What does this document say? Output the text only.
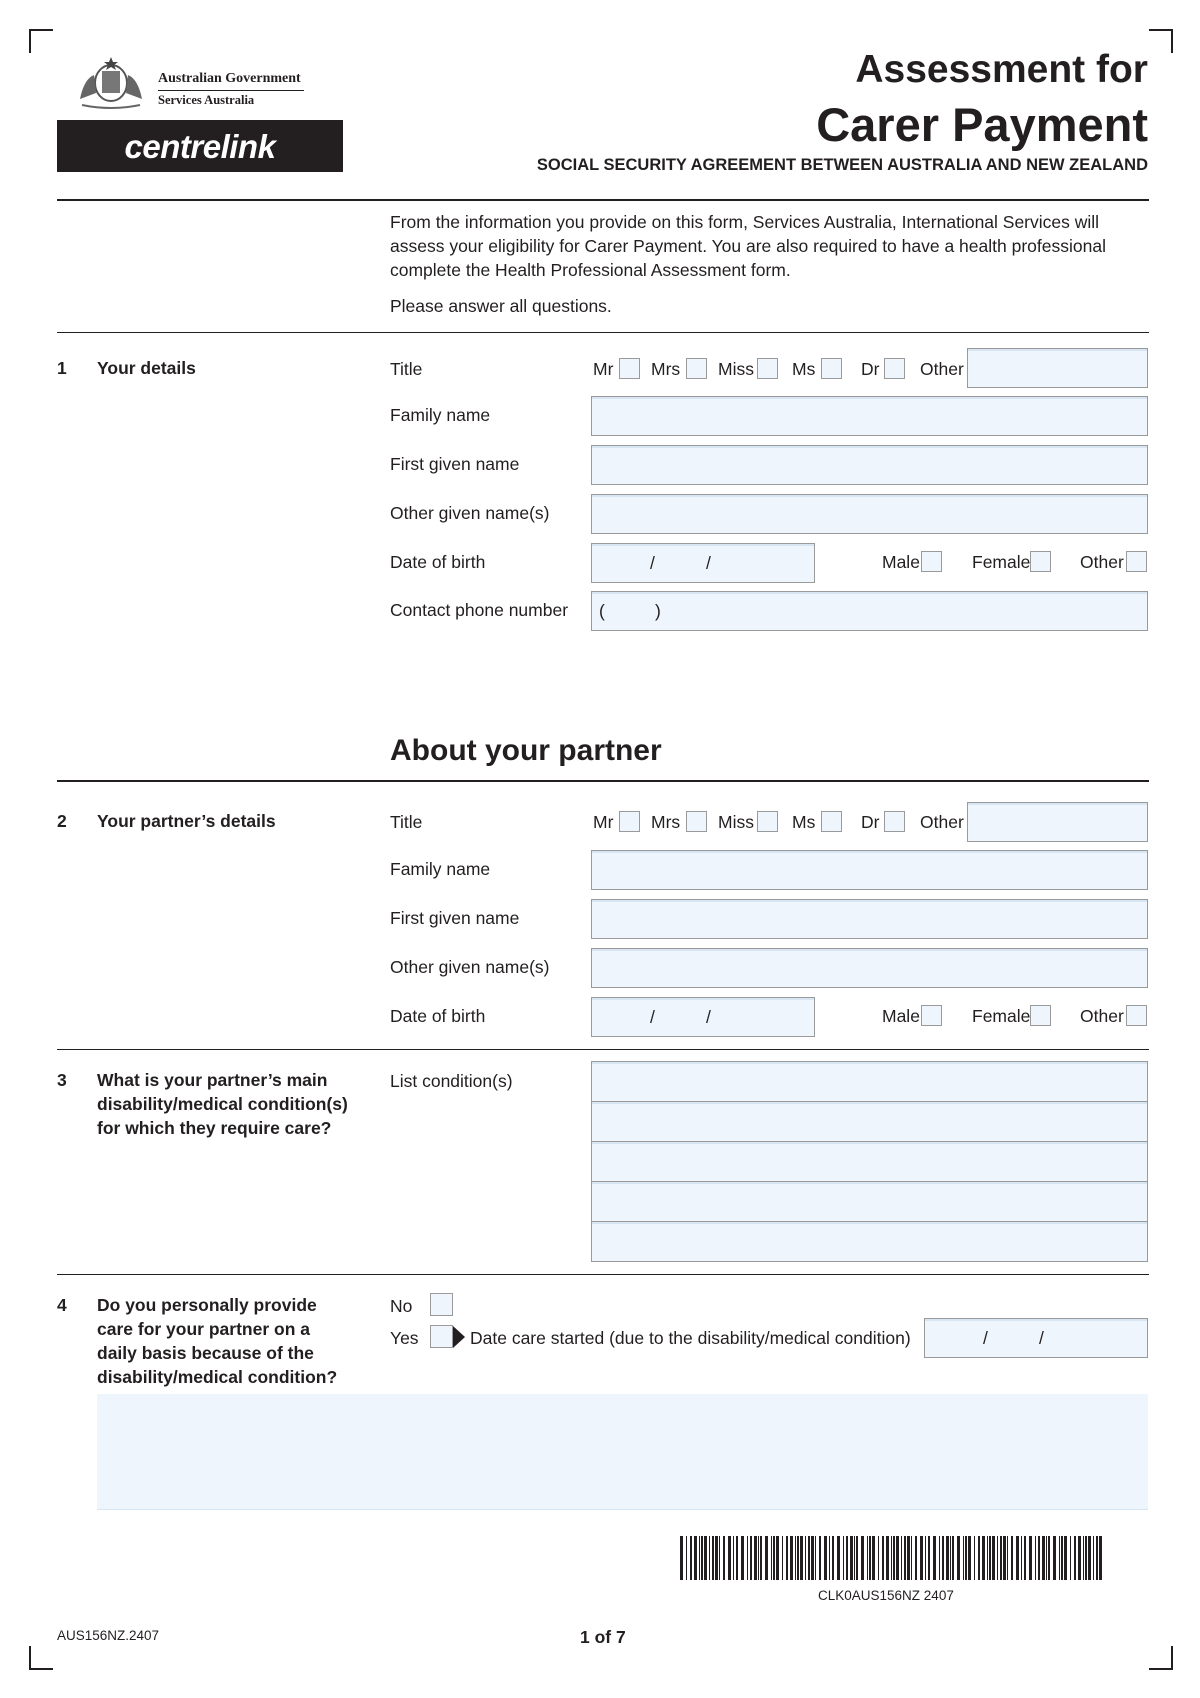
Australian Government
Services Australia
centrelink
Assessment for
Carer Payment
SOCIAL SECURITY AGREEMENT BETWEEN AUSTRALIA AND NEW ZEALAND
From the information you provide on this form, Services Australia, International Services will assess your eligibility for Carer Payment. You are also required to have a health professional complete the Health Professional Assessment form.
Please answer all questions.
1 Your details	Title	Mr Mrs Miss Ms	Dr Other
Family name
First given name
Other given name(s)
Date of birth	/	/	Male	Female	Other
Contact phone number (	)
About your partner
2 Your partner’s details	Title	Mr Mrs Miss Ms	Dr Other
Family name
First given name
Other given name(s)
Date of birth	/	/	Male	Female	Other
3 What is your partner’s main disability/medical condition(s) for which they require care?
List condition(s)
4 Do you personally provide care for your partner on a daily basis because of the disability/medical condition?
No
Yes	Date care started (due to the disability/medical condition)	/	/
CLK0AUS156NZ 2407
AUS156NZ.2407	1 of 7
